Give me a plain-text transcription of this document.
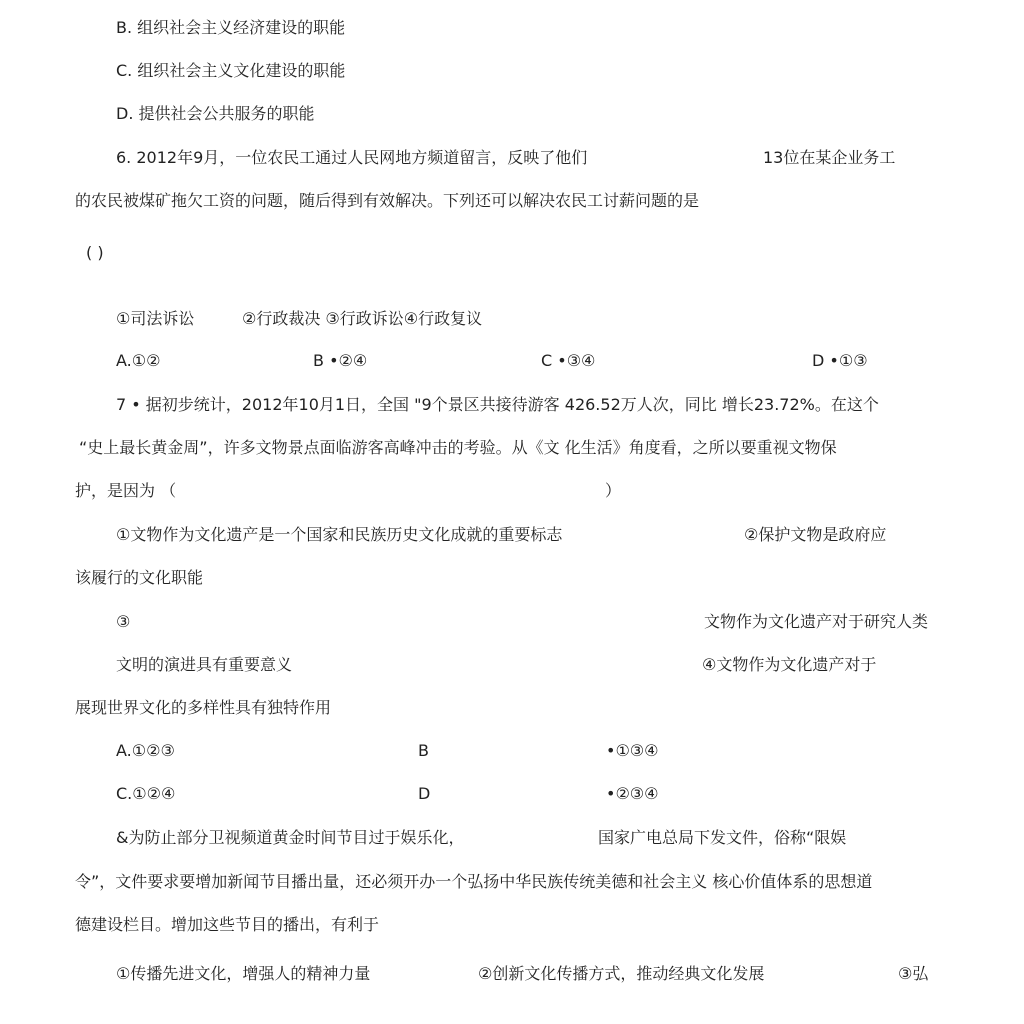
B. 组织社会主义经济建设的职能
C. 组织社会主义文化建设的职能
D. 提供社会公共服务的职能
6. 2012年9月，一位农民工通过人民网地方频道留言，反映了他们	13位在某企业务工
的农民被煤矿拖欠工资的问题，随后得到有效解决。下列还可以解决农民工讨薪问题的是
( )
①司法诉讼	②行政裁决 ③行政诉讼④行政复议
A.①②	B •②④	C •③④	D •①③
7 • 据初步统计，2012年10月1日，全国 "9个景区共接待游客 426.52万人次，同比 增长23.72%。在这个
“史上最长黄金周”，许多文物景点面临游客高峰冲击的考验。从《文 化生活》角度看，之所以要重视文物保
护，是因为 （	）
①文物作为文化遗产是一个国家和民族历史文化成就的重要标志	②保护文物是政府应
该履行的文化职能
③	文物作为文化遗产对于研究人类
文明的演进具有重要意义	④文物作为文化遗产对于
展现世界文化的多样性具有独特作用
A.①②③	B	•①③④
C.①②④	D	•②③④
&为防止部分卫视频道黄金时间节目过于娱乐化，	国家广电总局下发文件，俗称“限娱
令”，文件要求要增加新闻节目播出量，还必须开办一个弘扬中华民族传统美德和社会主义 核心价值体系的思想道
德建设栏目。增加这些节目的播出，有利于
①传播先进文化，增强人的精神力量	②创新文化传播方式，推动经典文化发展	③弘
